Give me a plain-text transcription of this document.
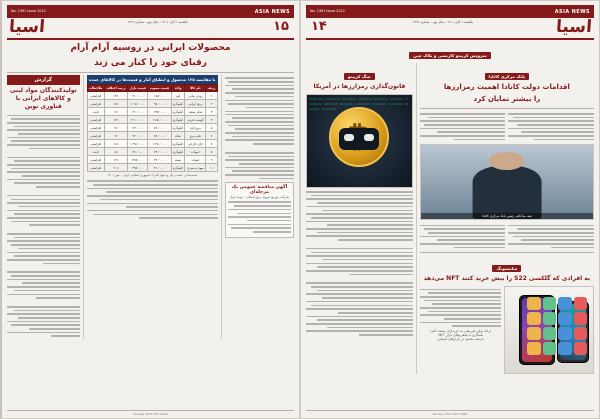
ASIA NEWS
No. 1391 Issue 2012
آسیا
یکشنبه ۱ آبان ۱۴۰۱ - سال نهم - شماره ۱۳۹۱
۱۴
سرویس کریپتو کارنسی و بلاک چین
بانک مرکزی کانادا
اقدامات دولت کانادا اهمیت رمزارزها
را بیشتر نمایان کرد
تیف مک‌کلم، رئیس بانک مرکزی کانادا
سامسونگ
به افرادی که گلکسی S22 را بیش خرید کنند NFT می‌دهد
ارائه توکن غیرمثلی به خریداران نسخه آلترا
همکاری با پلتفرم‌های بازار NFT
عرضه محدود در بازارهای آسیایی
جنگ کریپتو
قانون‌گذاری رمزارزها در آمریکا
01001010 11001010 10110010 01101101 00101110 11010011 01100101 10011010 01011011 10010110 01101001 11000101 00110101 10101100
Sunday 23rd OCT 2022
ASIA NEWS
No. 1391 Issue 2012
۱۵
یکشنبه ۱ آبان ۱۴۰۱ - سال نهم - شماره ۱۳۹۱
آسیا
محصولات ایرانی در روسیه آرام آرام
رقبای خود را کنار می زند
آگهی مناقصه عمومی یک مرحله‌ای
شرکت توزیع نیروی برق استان - نوبت اول
با مقایسه ۱۲۵ محصول و انطباق آمار و قیمت‌ها در کالاهای عمده
ردیف	نام کالا	واحد	قیمت مصوب	قیمت بازار	درصد اختلاف	ملاحظات
۱	روغن نباتی	لیتر	۱۸۵٬۰۰۰	۲۱۰٬۰۰۰	۱۳٪	افزایشی
۲	برنج ایرانی	کیلوگرم	۹۸۰٬۰۰۰	۱٬۱۵۰٬۰۰۰	۱۷٪	افزایشی
۳	شکر سفید	کیلوگرم	۲۴۵٬۰۰۰	۲۶۰٬۰۰۰	۶٪	ثابت
۴	گوشت قرمز	کیلوگرم	۱٬۸۵۰٬۰۰۰	۲٬۱۰۰٬۰۰۰	۱۳٪	افزایشی
۵	مرغ تازه	کیلوگرم	۵۹۰٬۰۰۰	۶۳۰٬۰۰۰	۷٪	افزایشی
۶	تخم مرغ	شانه	۸۴۰٬۰۰۰	۹۲۰٬۰۰۰	۹٪	افزایشی
۷	چای خارجی	کیلوگرم	۱٬۲۵۰٬۰۰۰	۱٬۴۸۰٬۰۰۰	۱۸٪	افزایشی
۸	حبوبات	کیلوگرم	۷۳۰٬۰۰۰	۷۹۰٬۰۰۰	۸٪	ثابت
۹	لبنیات	بسته	۳۲۰٬۰۰۰	۳۶۵٬۰۰۰	۱۴٪	افزایشی
۱۰	میوه و سبزی	کیلوگرم	۴۱۰٬۰۰۰	۴۹۵٬۰۰۰	۲۰٪	افزایشی
قیمت‌ها بر حسب ریال و منبع: گمرک جمهوری اسلامی ایران - مهر ۱۴۰۱
گزارش
تولیدکنندگان مواد لبنی و کالاهای ایرانی با فناوری نوین
Sunday 23rd OCT 2022
